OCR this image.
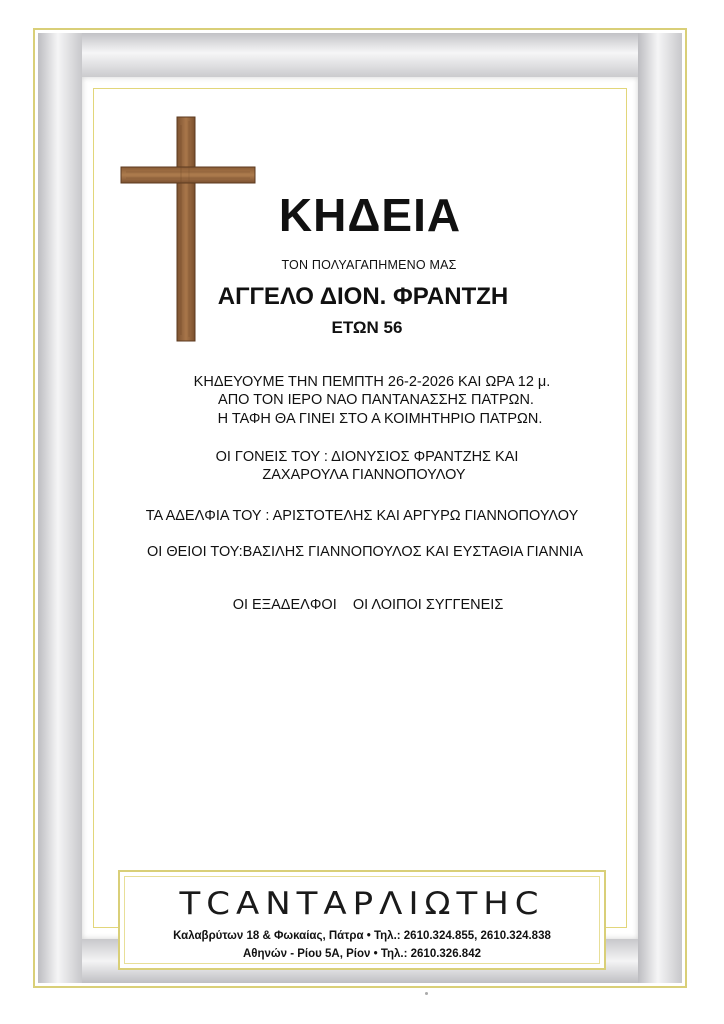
ΚΗΔΕΙΑ
ΤΟΝ ΠΟΛΥΑΓΑΠΗΜΕΝΟ ΜΑΣ
ΑΓΓΕΛΟ ΔΙΟΝ. ΦΡΑΝΤΖΗ
ΕΤΩΝ 56
ΚΗΔΕΥΟΥΜΕ ΤΗΝ ΠΕΜΠΤΗ 26-2-2026 ΚΑΙ ΩΡΑ 12 μ.
ΑΠΟ ΤΟΝ ΙΕΡΟ ΝΑΟ ΠΑΝΤΑΝΑΣΣΗΣ ΠΑΤΡΩΝ.
Η ΤΑΦΗ ΘΑ ΓΙΝΕΙ ΣΤΟ Α ΚΟΙΜΗΤΗΡΙΟ ΠΑΤΡΩΝ.
ΟΙ ΓΟΝΕΙΣ ΤΟΥ : ΔΙΟΝΥΣΙΟΣ ΦΡΑΝΤΖΗΣ ΚΑΙ
ΖΑΧΑΡΟΥΛΑ ΓΙΑΝΝΟΠΟΥΛΟΥ
ΤΑ ΑΔΕΛΦΙΑ ΤΟΥ : ΑΡΙΣΤΟΤΕΛΗΣ ΚΑΙ ΑΡΓΥΡΩ ΓΙΑΝΝΟΠΟΥΛΟΥ
ΟΙ ΘΕΙΟΙ ΤΟΥ:ΒΑΣΙΛΗΣ ΓΙΑΝΝΟΠΟΥΛΟΣ ΚΑΙ ΕΥΣΤΑΘΙΑ ΓΙΑΝΝΙΑ
ΟΙ ΕΞΑΔΕΛΦΟΙ    ΟΙ ΛΟΙΠΟΙ ΣΥΓΓΕΝΕΙΣ
ΤCΑΝΤΑΡΛΙΩΤΗC
Καλαβρύτων 18 & Φωκαίας, Πάτρα • Τηλ.: 2610.324.855, 2610.324.838
Αθηνών - Ρίου 5Α, Ρίον • Τηλ.: 2610.326.842
